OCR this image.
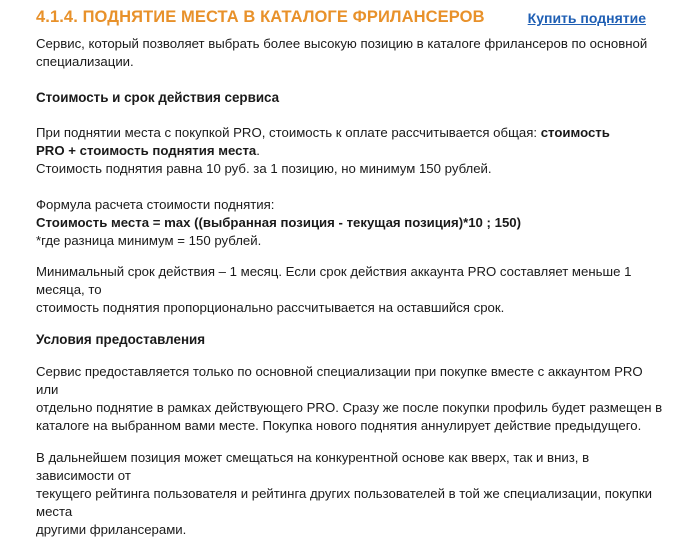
4.1.4. ПОДНЯТИЕ МЕСТА В КАТАЛОГЕ ФРИЛАНСЕРОВ	Купить поднятие

Сервис, который позволяет выбрать более высокую позицию в каталоге фрилансеров по основной
специализации.

Стоимость и срок действия сервиса

При поднятии места с покупкой PRO, стоимость к оплате рассчитывается общая: стоимость
PRO + стоимость поднятия места.
Стоимость поднятия равна 10 руб. за 1 позицию, но минимум 150 рублей.

Формула расчета стоимости поднятия:
Стоимость места = max ((выбранная позиция - текущая позиция)*10 ; 150)
*где разница минимум = 150 рублей.

Минимальный срок действия – 1 месяц. Если срок действия аккаунта PRO составляет меньше 1 месяца, то
стоимость поднятия пропорционально рассчитывается на оставшийся срок.

Условия предоставления

Сервис предоставляется только по основной специализации при покупке вместе с аккаунтом PRO или
отдельно поднятие в рамках действующего PRO. Сразу же после покупки профиль будет размещен в
каталоге на выбранном вами месте. Покупка нового поднятия аннулирует действие предыдущего.

В дальнейшем позиция может смещаться на конкурентной основе как вверх, так и вниз, в зависимости от
текущего рейтинга пользователя и рейтинга других пользователей в той же специализации, покупки места
другими фрилансерами.
